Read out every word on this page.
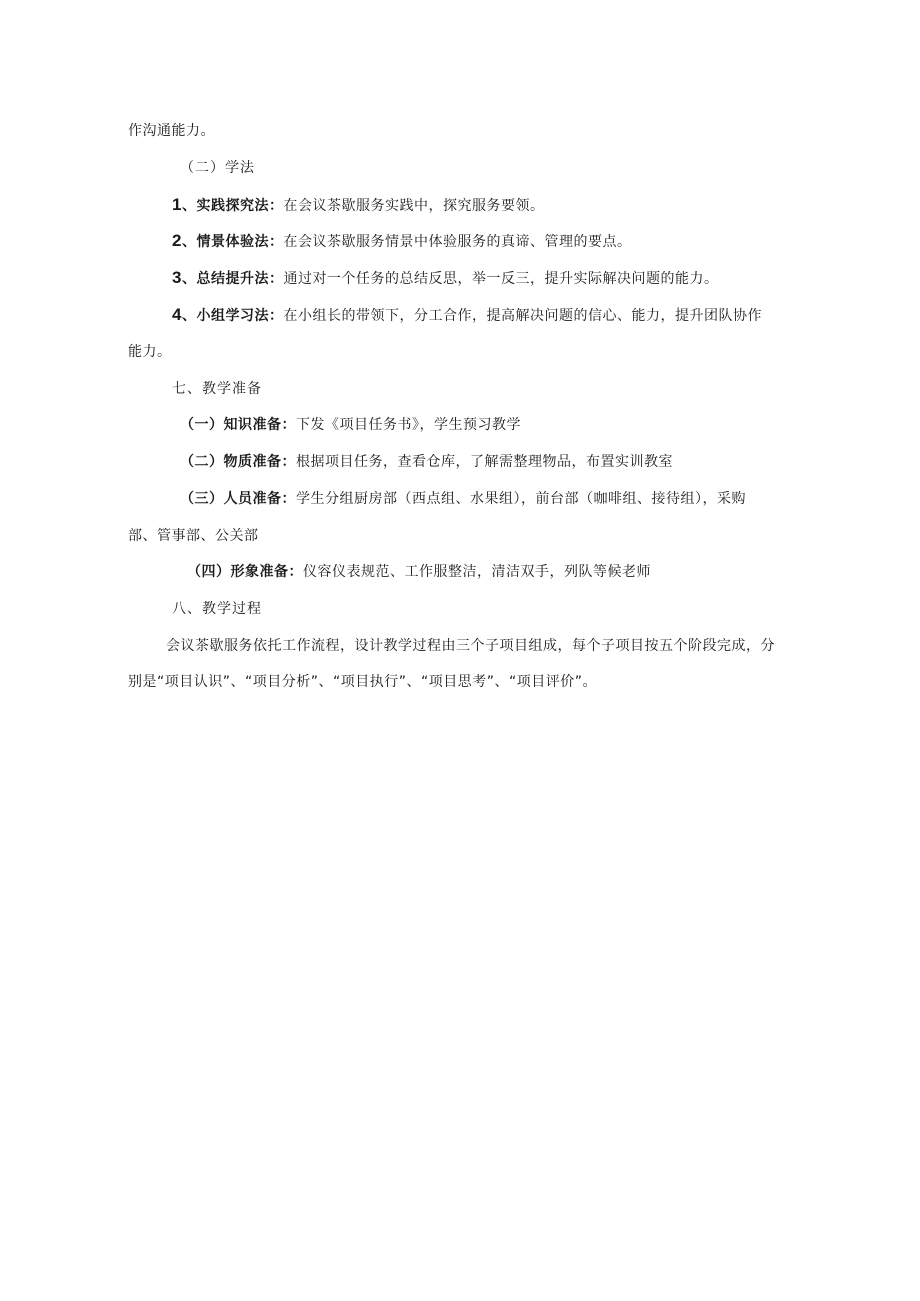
作沟通能力。
（二）学法
1、实践探究法：在会议茶歇服务实践中，探究服务要领。
2、情景体验法：在会议茶歇服务情景中体验服务的真谛、管理的要点。
3、总结提升法：通过对一个任务的总结反思，举一反三，提升实际解决问题的能力。
4、小组学习法：在小组长的带领下，分工合作，提高解决问题的信心、能力，提升团队协作
能力。
七、教学准备
（一）知识准备：下发《项目任务书》，学生预习教学
（二）物质准备：根据项目任务，查看仓库，了解需整理物品，布置实训教室
（三）人员准备：学生分组厨房部（西点组、水果组），前台部（咖啡组、接待组），采购
部、管事部、公关部
（四）形象准备：仪容仪表规范、工作服整洁，清洁双手，列队等候老师
八、教学过程
会议茶歇服务依托工作流程，设计教学过程由三个子项目组成，每个子项目按五个阶段完成，分
别是“项目认识”、“项目分析”、“项目执行”、“项目思考”、“项目评价”。
